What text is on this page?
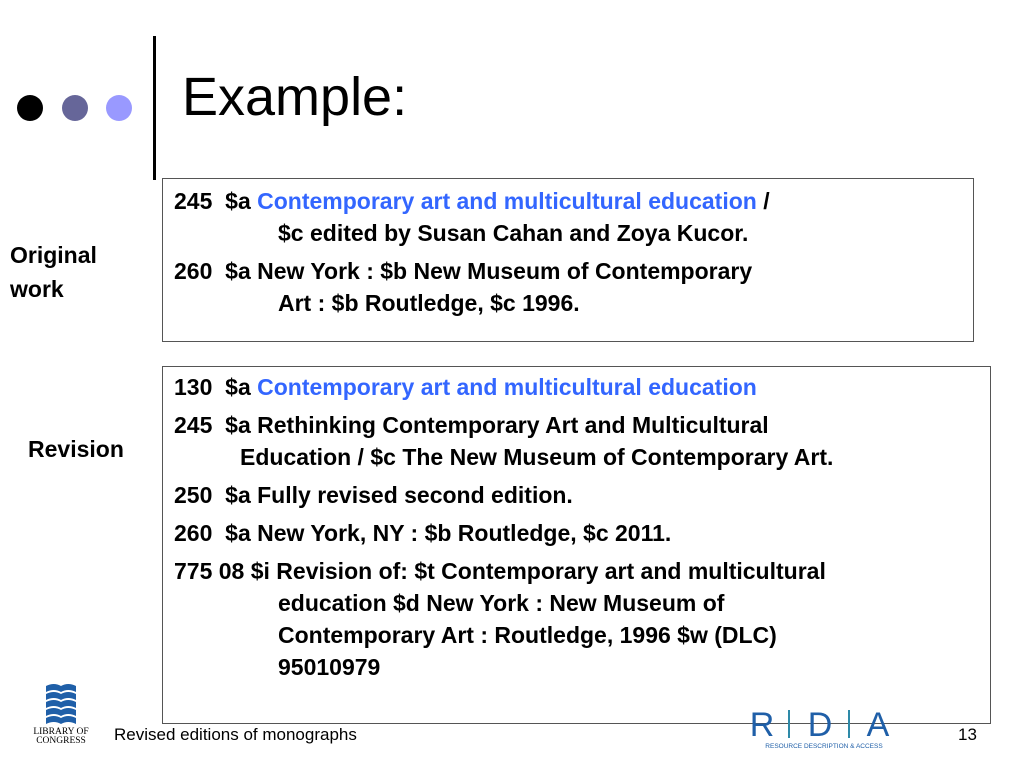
Example:
Original
work
Revision
245  $a Contemporary art and multicultural education /
$c edited by Susan Cahan and Zoya Kucor.
260  $a New York : $b New Museum of Contemporary
Art : $b Routledge, $c 1996.
130  $a Contemporary art and multicultural education
245  $a Rethinking Contemporary Art and Multicultural
Education / $c The New Museum of Contemporary Art.
250  $a Fully revised second edition.
260  $a New York, NY : $b Routledge, $c 2011.
775 08 $i Revision of: $t Contemporary art and multicultural
education $d New York : New Museum of
Contemporary Art : Routledge, 1996 $w (DLC)
95010979
LIBRARY OF
CONGRESS Revised editions of monographs	R D A
RESOURCE DESCRIPTION & ACCESS
13
